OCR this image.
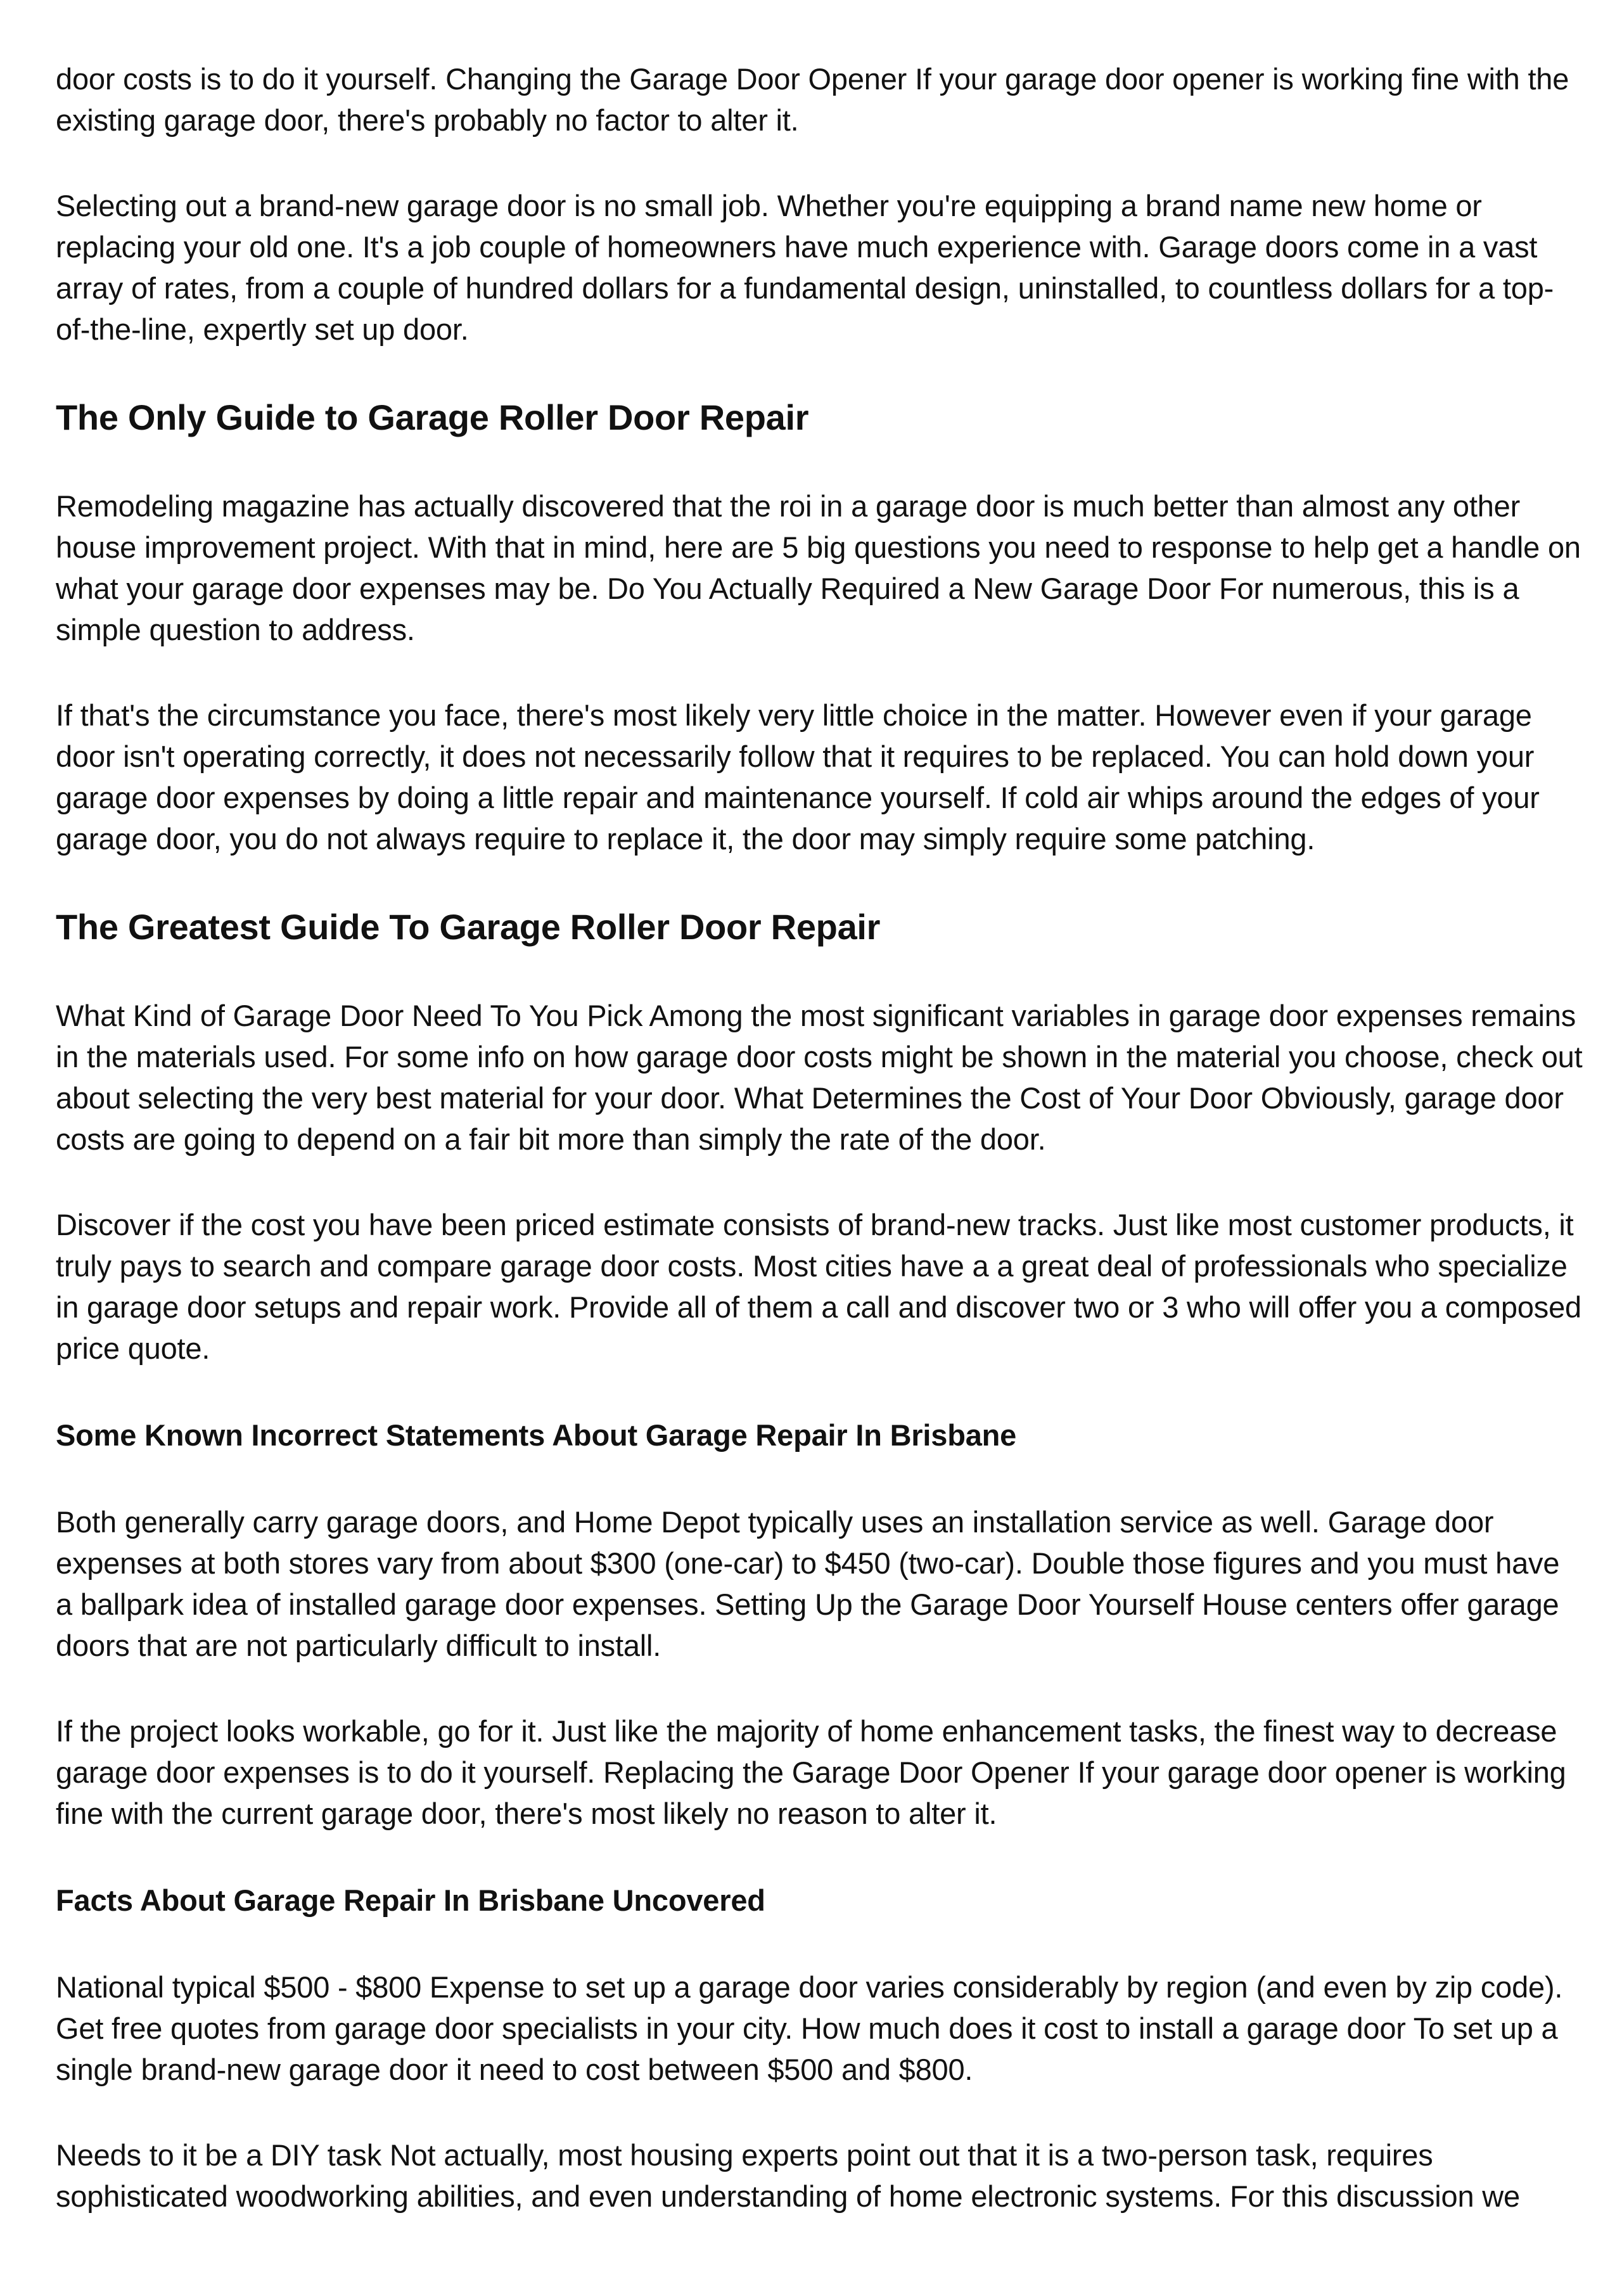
door costs is to do it yourself. Changing the Garage Door Opener If your garage door opener is working fine with the existing garage door, there's probably no factor to alter it.

Selecting out a brand-new garage door is no small job. Whether you're equipping a brand name new home or replacing your old one. It's a job couple of homeowners have much experience with. Garage doors come in a vast array of rates, from a couple of hundred dollars for a fundamental design, uninstalled, to countless dollars for a top-of-the-line, expertly set up door.

The Only Guide to Garage Roller Door Repair

Remodeling magazine has actually discovered that the roi in a garage door is much better than almost any other house improvement project. With that in mind, here are 5 big questions you need to response to help get a handle on what your garage door expenses may be. Do You Actually Required a New Garage Door For numerous, this is a simple question to address.

If that's the circumstance you face, there's most likely very little choice in the matter. However even if your garage door isn't operating correctly, it does not necessarily follow that it requires to be replaced. You can hold down your garage door expenses by doing a little repair and maintenance yourself. If cold air whips around the edges of your garage door, you do not always require to replace it, the door may simply require some patching.

The Greatest Guide To Garage Roller Door Repair

What Kind of Garage Door Need To You Pick Among the most significant variables in garage door expenses remains in the materials used. For some info on how garage door costs might be shown in the material you choose, check out about selecting the very best material for your door. What Determines the Cost of Your Door Obviously, garage door costs are going to depend on a fair bit more than simply the rate of the door.

Discover if the cost you have been priced estimate consists of brand-new tracks. Just like most customer products, it truly pays to search and compare garage door costs. Most cities have a a great deal of professionals who specialize in garage door setups and repair work. Provide all of them a call and discover two or 3 who will offer you a composed price quote.

Some Known Incorrect Statements About Garage Repair In Brisbane

Both generally carry garage doors, and Home Depot typically uses an installation service as well. Garage door expenses at both stores vary from about $300 (one-car) to $450 (two-car). Double those figures and you must have a ballpark idea of installed garage door expenses. Setting Up the Garage Door Yourself House centers offer garage doors that are not particularly difficult to install.

If the project looks workable, go for it. Just like the majority of home enhancement tasks, the finest way to decrease garage door expenses is to do it yourself. Replacing the Garage Door Opener If your garage door opener is working fine with the current garage door, there's most likely no reason to alter it.

Facts About Garage Repair In Brisbane Uncovered

National typical $500 - $800 Expense to set up a garage door varies considerably by region (and even by zip code). Get free quotes from garage door specialists in your city. How much does it cost to install a garage door To set up a single brand-new garage door it need to cost between $500 and $800.

Needs to it be a DIY task Not actually, most housing experts point out that it is a two-person task, requires sophisticated woodworking abilities, and even understanding of home electronic systems. For this discussion we
